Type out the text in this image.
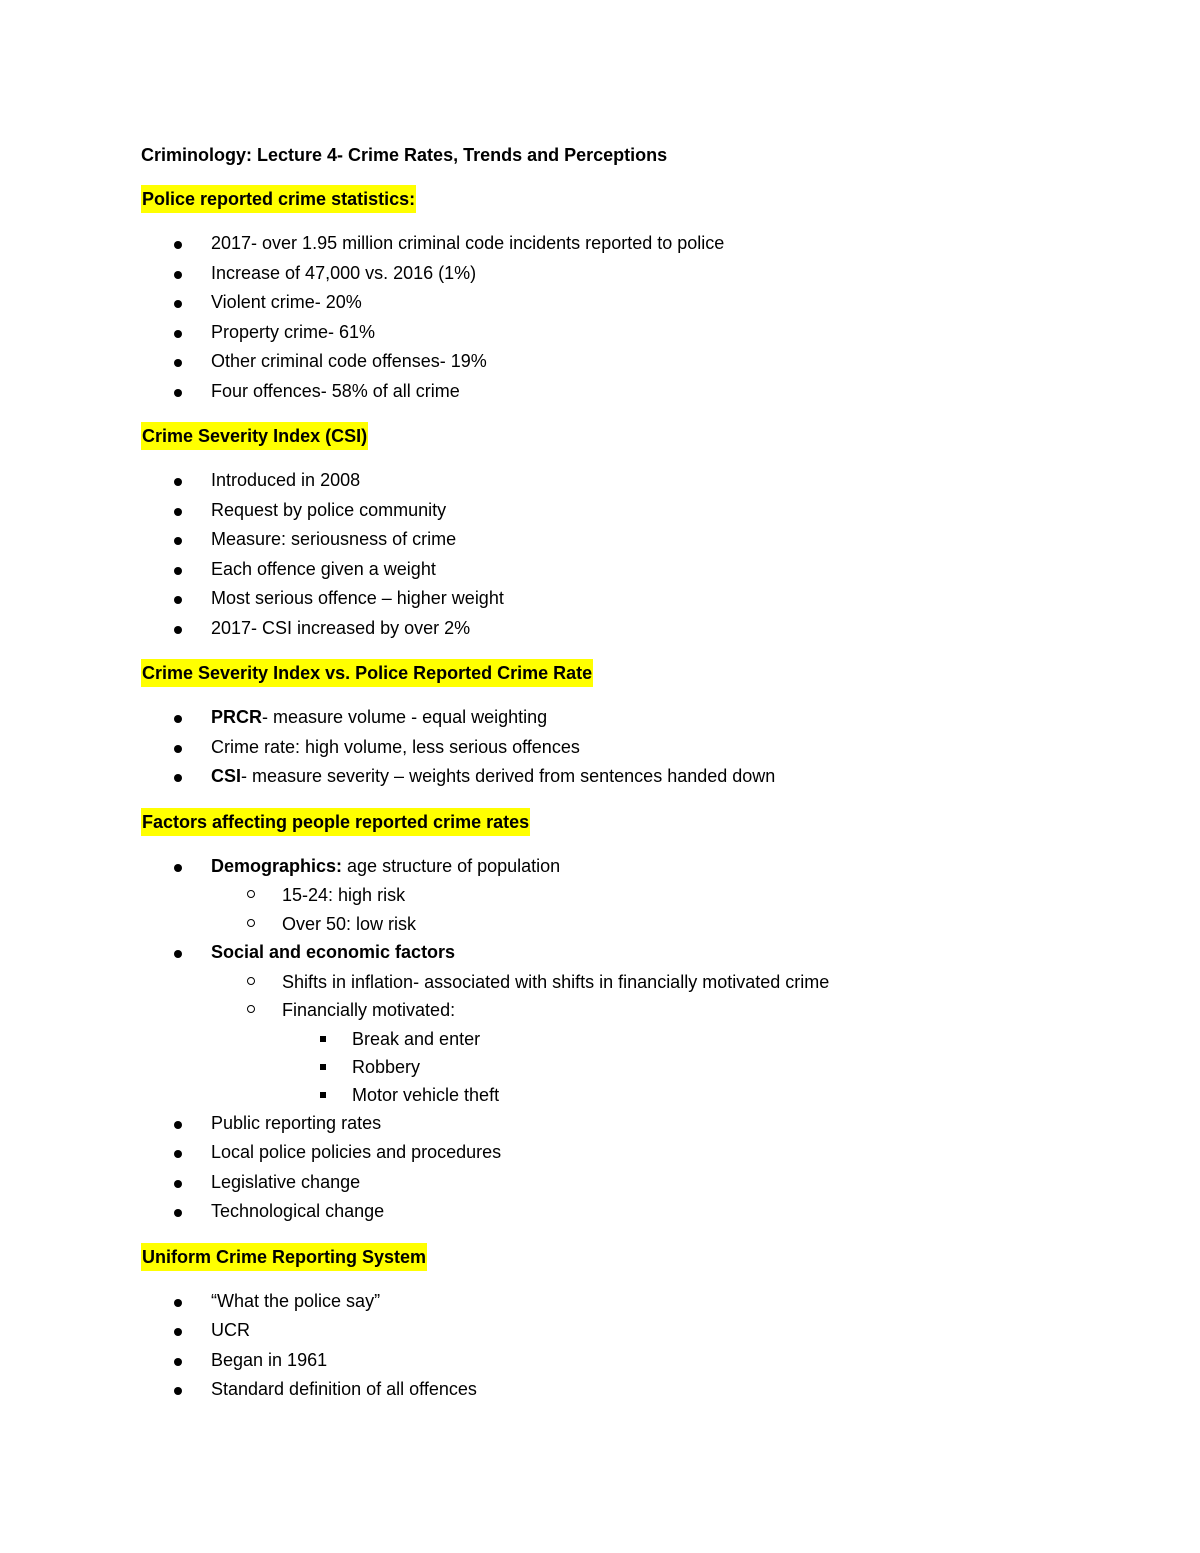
Criminology: Lecture 4- Crime Rates, Trends and Perceptions
Police reported crime statistics:
2017- over 1.95 million criminal code incidents reported to police
Increase of 47,000 vs. 2016 (1%)
Violent crime- 20%
Property crime- 61%
Other criminal code offenses- 19%
Four offences- 58% of all crime
Crime Severity Index (CSI)
Introduced in 2008
Request by police community
Measure: seriousness of crime
Each offence given a weight
Most serious offence – higher weight
2017- CSI increased by over 2%
Crime Severity Index vs. Police Reported Crime Rate
PRCR- measure volume - equal weighting
Crime rate: high volume, less serious offences
CSI- measure severity – weights derived from sentences handed down
Factors affecting people reported crime rates
Demographics: age structure of population
15-24: high risk
Over 50: low risk
Social and economic factors
Shifts in inflation- associated with shifts in financially motivated crime
Financially motivated:
Break and enter
Robbery
Motor vehicle theft
Public reporting rates
Local police policies and procedures
Legislative change
Technological change
Uniform Crime Reporting System
“What the police say”
UCR
Began in 1961
Standard definition of all offences
